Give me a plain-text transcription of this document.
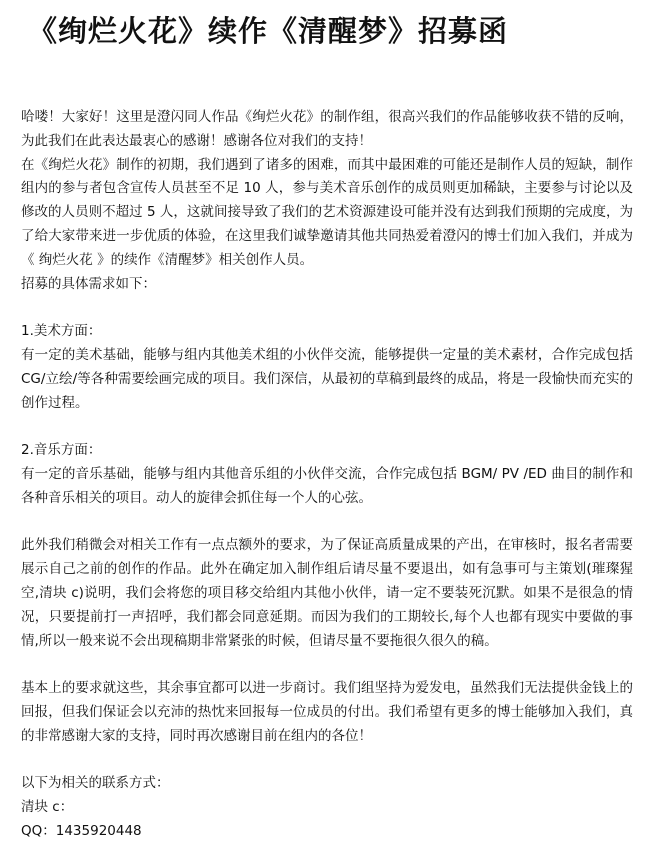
《绚烂火花》续作《清醒梦》招募函

哈喽！大家好！这里是澄闪同人作品《绚烂火花》的制作组，很高兴我们的作品能够收获不错的反响，为此我们在此表达最衷心的感谢！感谢各位对我们的支持！

在《绚烂火花》制作的初期，我们遇到了诸多的困难，而其中最困难的可能还是制作人员的短缺，制作组内的参与者包含宣传人员甚至不足 10 人，参与美术音乐创作的成员则更加稀缺，主要参与讨论以及修改的人员则不超过 5 人，这就间接导致了我们的艺术资源建设可能并没有达到我们预期的完成度，为了给大家带来进一步优质的体验，在这里我们诚挚邀请其他共同热爱着澄闪的博士们加入我们，并成为《 绚烂火花 》的续作《清醒梦》相关创作人员。

招募的具体需求如下：

1.美术方面：

有一定的美术基础，能够与组内其他美术组的小伙伴交流，能够提供一定量的美术素材，合作完成包括 CG/立绘/等各种需要绘画完成的项目。我们深信，从最初的草稿到最终的成品，将是一段愉快而充实的创作过程。

2.音乐方面：

有一定的音乐基础，能够与组内其他音乐组的小伙伴交流，合作完成包括 BGM/ PV /ED 曲目的制作和各种音乐相关的项目。动人的旋律会抓住每一个人的心弦。

此外我们稍微会对相关工作有一点点额外的要求，为了保证高质量成果的产出，在审核时，报名者需要展示自己之前的创作的作品。此外在确定加入制作组后请尽量不要退出，如有急事可与主策划(璀璨猩空,清块 c)说明，我们会将您的项目移交给组内其他小伙伴，请一定不要装死沉默。如果不是很急的情况，只要提前打一声招呼，我们都会同意延期。而因为我们的工期较长,每个人也都有现实中要做的事情,所以一般来说不会出现稿期非常紧张的时候，但请尽量不要拖很久很久的稿。

基本上的要求就这些，其余事宜都可以进一步商讨。我们组坚持为爱发电，虽然我们无法提供金钱上的回报，但我们保证会以充沛的热忱来回报每一位成员的付出。我们希望有更多的博士能够加入我们，真的非常感谢大家的支持，同时再次感谢目前在组内的各位！

以下为相关的联系方式：

清块 c：

QQ：1435920448
